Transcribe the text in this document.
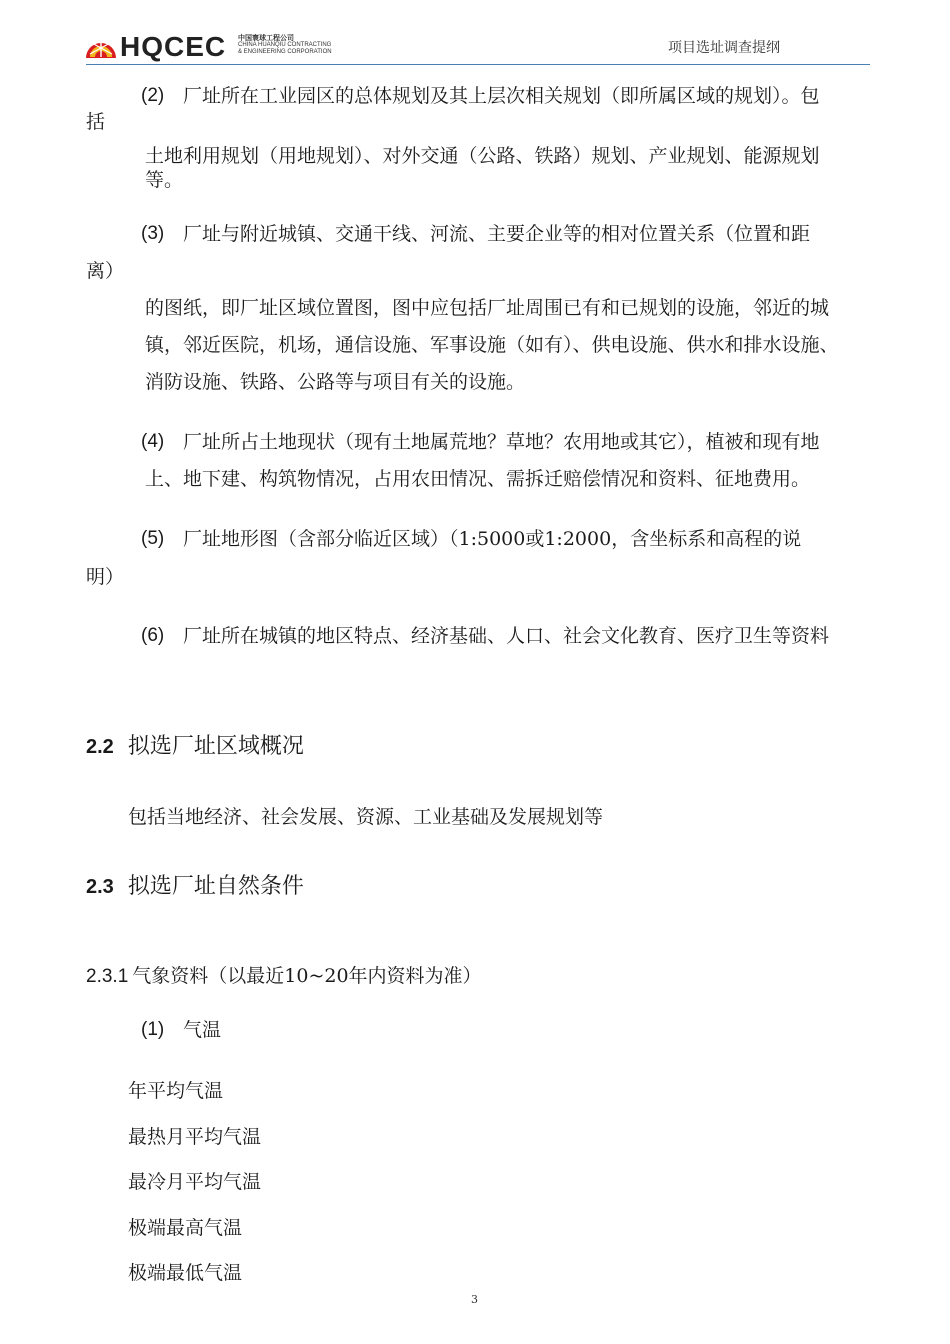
HQCEC 中国寰球工程公司
CHINA HUANQIU CONTRACTING
& ENGINEERING CORPORATION	项目选址调查提纲
(2) 厂址所在工业园区的总体规划及其上层次相关规划（即所属区域的规划）。包
括
土地利用规划（用地规划）、对外交通（公路、铁路）规划、产业规划、能源规划
等。
(3) 厂址与附近城镇、交通干线、河流、主要企业等的相对位置关系（位置和距
离）
的图纸，即厂址区域位置图，图中应包括厂址周围已有和已规划的设施，邻近的城
镇，邻近医院，机场，通信设施、军事设施（如有）、供电设施、供水和排水设施、
消防设施、铁路、公路等与项目有关的设施。
(4) 厂址所占土地现状（现有土地属荒地？草地？农用地或其它），植被和现有地
上、地下建、构筑物情况，占用农田情况、需拆迁赔偿情况和资料、征地费用。
(5) 厂址地形图（含部分临近区域）（1:5000或1:2000，含坐标系和高程的说
明）
(6) 厂址所在城镇的地区特点、经济基础、人口、社会文化教育、医疗卫生等资料
2.2 拟选厂址区域概况
包括当地经济、社会发展、资源、工业基础及发展规划等
2.3 拟选厂址自然条件
2.3.1 气象资料（以最近10~20年内资料为准）
(1) 气温
年平均气温
最热月平均气温
最冷月平均气温
极端最高气温
极端最低气温
3
